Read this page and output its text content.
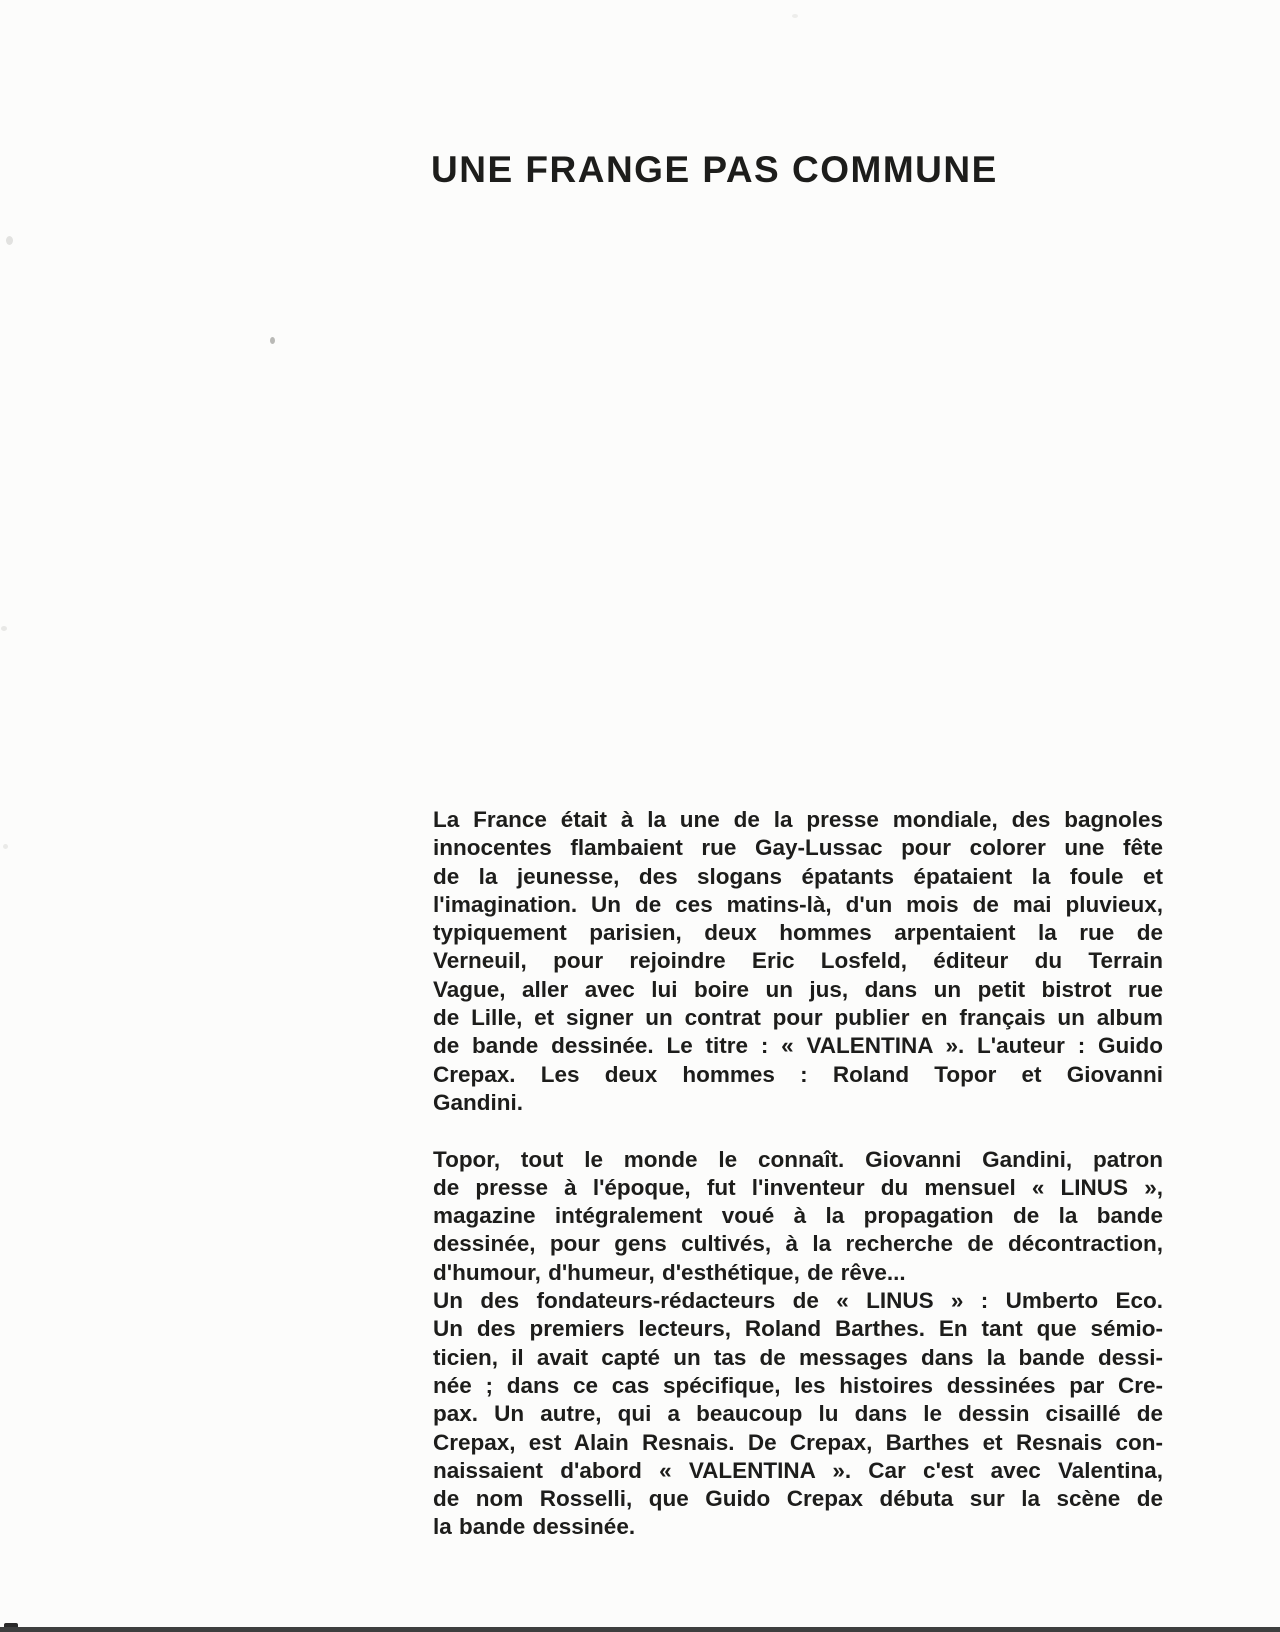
UNE FRANGE PAS COMMUNE
La France était à la une de la presse mondiale, des bagnoles
innocentes flambaient rue Gay-Lussac pour colorer une fête
de la jeunesse, des slogans épatants épataient la foule et
l'imagination. Un de ces matins-là, d'un mois de mai pluvieux,
typiquement parisien, deux hommes arpentaient la rue de
Verneuil, pour rejoindre Eric Losfeld, éditeur du Terrain
Vague, aller avec lui boire un jus, dans un petit bistrot rue
de Lille, et signer un contrat pour publier en français un album
de bande dessinée. Le titre : « VALENTINA ». L'auteur : Guido
Crepax. Les deux hommes : Roland Topor et Giovanni
Gandini.
Topor, tout le monde le connaît. Giovanni Gandini, patron
de presse à l'époque, fut l'inventeur du mensuel « LINUS »,
magazine intégralement voué à la propagation de la bande
dessinée, pour gens cultivés, à la recherche de décontraction,
d'humour, d'humeur, d'esthétique, de rêve...
Un des fondateurs-rédacteurs de « LINUS » : Umberto Eco.
Un des premiers lecteurs, Roland Barthes. En tant que sémio-
ticien, il avait capté un tas de messages dans la bande dessi-
née ; dans ce cas spécifique, les histoires dessinées par Cre-
pax. Un autre, qui a beaucoup lu dans le dessin cisaillé de
Crepax, est Alain Resnais. De Crepax, Barthes et Resnais con-
naissaient d'abord « VALENTINA ». Car c'est avec Valentina,
de nom Rosselli, que Guido Crepax débuta sur la scène de
la bande dessinée.
